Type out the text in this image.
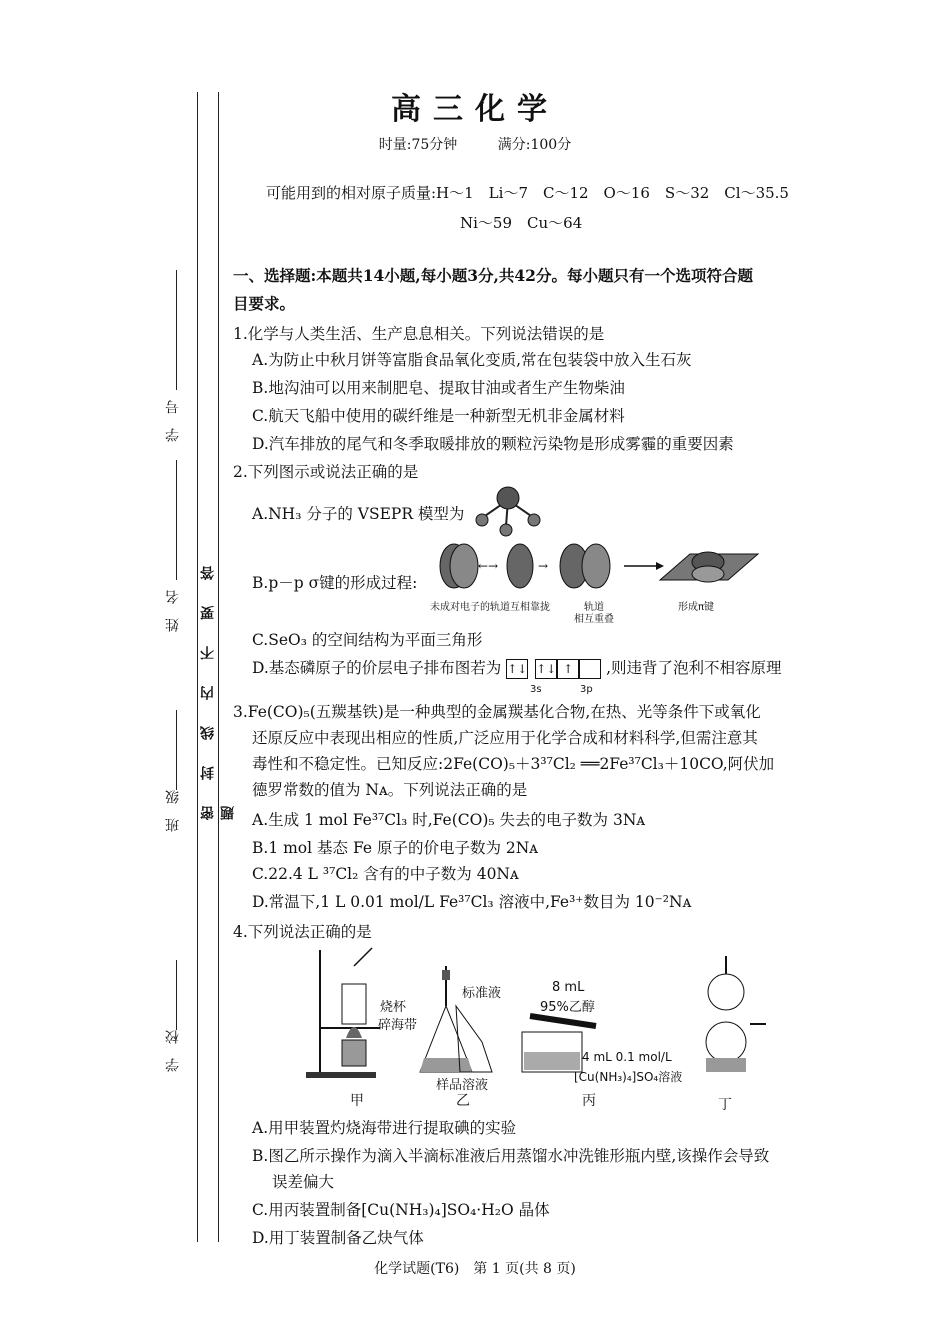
密　封　线　内　不　要　答　题
学　校
班　级
姓　名
学　号
高三化学
时量:75分钟	满分:100分
可能用到的相对原子质量:H～1　Li～7　C～12　O～16　S～32　Cl～35.5
Ni～59　Cu～64
一、选择题:本题共14小题,每小题3分,共42分。每小题只有一个选项符合题
目要求。
1.化学与人类生活、生产息息相关。下列说法错误的是
A.为防止中秋月饼等富脂食品氧化变质,常在包装袋中放入生石灰
B.地沟油可以用来制肥皂、提取甘油或者生产生物柴油
C.航天飞船中使用的碳纤维是一种新型无机非金属材料
D.汽车排放的尾气和冬季取暖排放的颗粒污染物是形成雾霾的重要因素
2.下列图示或说法正确的是
A.NH₃ 分子的 VSEPR 模型为
B.p－p σ键的形成过程:
←→	→
未成对电子的轨道互相靠拢	轨道
相互重叠
形成π键
C.SeO₃ 的空间结构为平面三角形
D.基态磷原子的价层电子排布图若为 ↑↓ ↑↓ ↑ ,则违背了泡利不相容原理
3s	3p
3.Fe(CO)₅(五羰基铁)是一种典型的金属羰基化合物,在热、光等条件下或氧化
还原反应中表现出相应的性质,广泛应用于化学合成和材料科学,但需注意其
毒性和不稳定性。已知反应:2Fe(CO)₅＋3³⁷Cl₂ ══2Fe³⁷Cl₃＋10CO,阿伏加
德罗常数的值为 Nᴀ。下列说法正确的是
A.生成 1 mol Fe³⁷Cl₃ 时,Fe(CO)₅ 失去的电子数为 3Nᴀ
B.1 mol 基态 Fe 原子的价电子数为 2Nᴀ
C.22.4 L ³⁷Cl₂ 含有的中子数为 40Nᴀ
D.常温下,1 L 0.01 mol/L Fe³⁷Cl₃ 溶液中,Fe³⁺数目为 10⁻²Nᴀ
4.下列说法正确的是
烧杯
碎海带
标准液
样品溶液
8 mL
95%乙醇
4 mL 0.1 mol/L
[Cu(NH₃)₄]SO₄溶液
甲	乙	丙	丁
A.用甲装置灼烧海带进行提取碘的实验
B.图乙所示操作为滴入半滴标准液后用蒸馏水冲洗锥形瓶内壁,该操作会导致
误差偏大
C.用丙装置制备[Cu(NH₃)₄]SO₄·H₂O 晶体
D.用丁装置制备乙炔气体
化学试题(T6)　第 1 页(共 8 页)
